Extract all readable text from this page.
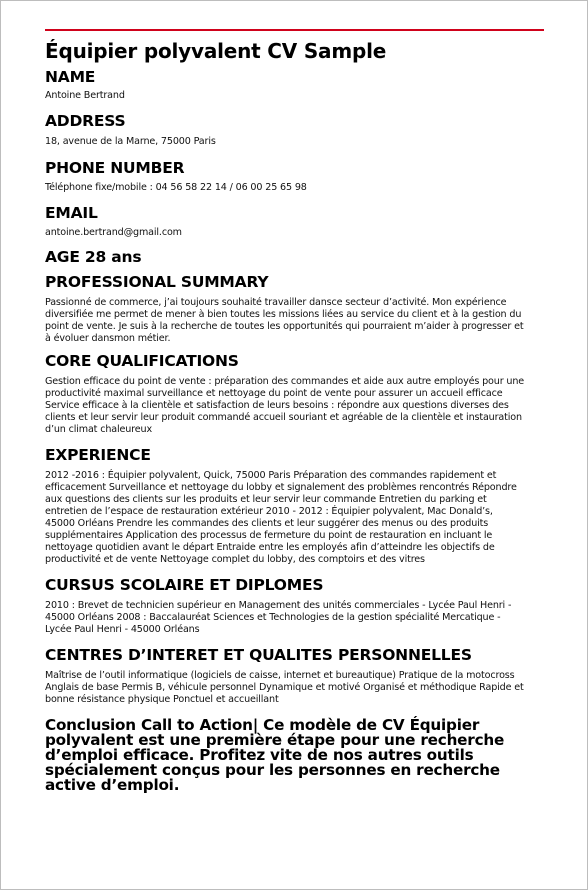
Équipier polyvalent CV Sample
NAME

Antoine Bertrand

ADDRESS

18, avenue de la Marne, 75000 Paris

PHONE NUMBER

Téléphone fixe/mobile : 04 56 58 22 14 / 06 00 25 65 98

EMAIL

antoine.bertrand@gmail.com

AGE 28 ans
PROFESSIONAL SUMMARY

Passionné de commerce, j’ai toujours souhaité travailler dansce secteur d’activité. Mon expérience diversifiée me permet de mener à bien toutes les missions liées au service du client et à la gestion du point de vente. Je suis à la recherche de toutes les opportunités qui pourraient m’aider à progresser et à évoluer dansmon métier.

CORE QUALIFICATIONS

Gestion efficace du point de vente : préparation des commandes et aide aux autre employés pour une productivité maximal surveillance et nettoyage du point de vente pour assurer un accueil efficace Service efficace à la clientèle et satisfaction de leurs besoins : répondre aux questions diverses des clients et leur servir leur produit commandé accueil souriant et agréable de la clientèle et instauration d’un climat chaleureux

EXPERIENCE

2012 -2016 : Équipier polyvalent, Quick, 75000 Paris Préparation des commandes rapidement et efficacement Surveillance et nettoyage du lobby et signalement des problèmes rencontrés Répondre aux questions des clients sur les produits et leur servir leur commande Entretien du parking et entretien de l’espace de restauration extérieur 2010 - 2012 : Équipier polyvalent, Mac Donald’s, 45000 Orléans Prendre les commandes des clients et leur suggérer des menus ou des produits supplémentaires Application des processus de fermeture du point de restauration en incluant le nettoyage quotidien avant le départ Entraide entre les employés afin d’atteindre les objectifs de productivité et de vente Nettoyage complet du lobby, des comptoirs et des vitres

CURSUS SCOLAIRE ET DIPLOMES

2010 : Brevet de technicien supérieur en Management des unités commerciales - Lycée Paul Henri - 45000 Orléans 2008 : Baccalauréat Sciences et Technologies de la gestion spécialité Mercatique - Lycée Paul Henri - 45000 Orléans

CENTRES D’INTERET ET QUALITES PERSONNELLES

Maîtrise de l’outil informatique (logiciels de caisse, internet et bureautique) Pratique de la motocross Anglais de base Permis B, véhicule personnel Dynamique et motivé Organisé et méthodique Rapide et bonne résistance physique Ponctuel et accueillant

Conclusion Call to Action| Ce modèle de CV Équipier polyvalent est une première étape pour une recherche d’emploi efficace. Profitez vite de nos autres outils spécialement conçus pour les personnes en recherche active d’emploi.
